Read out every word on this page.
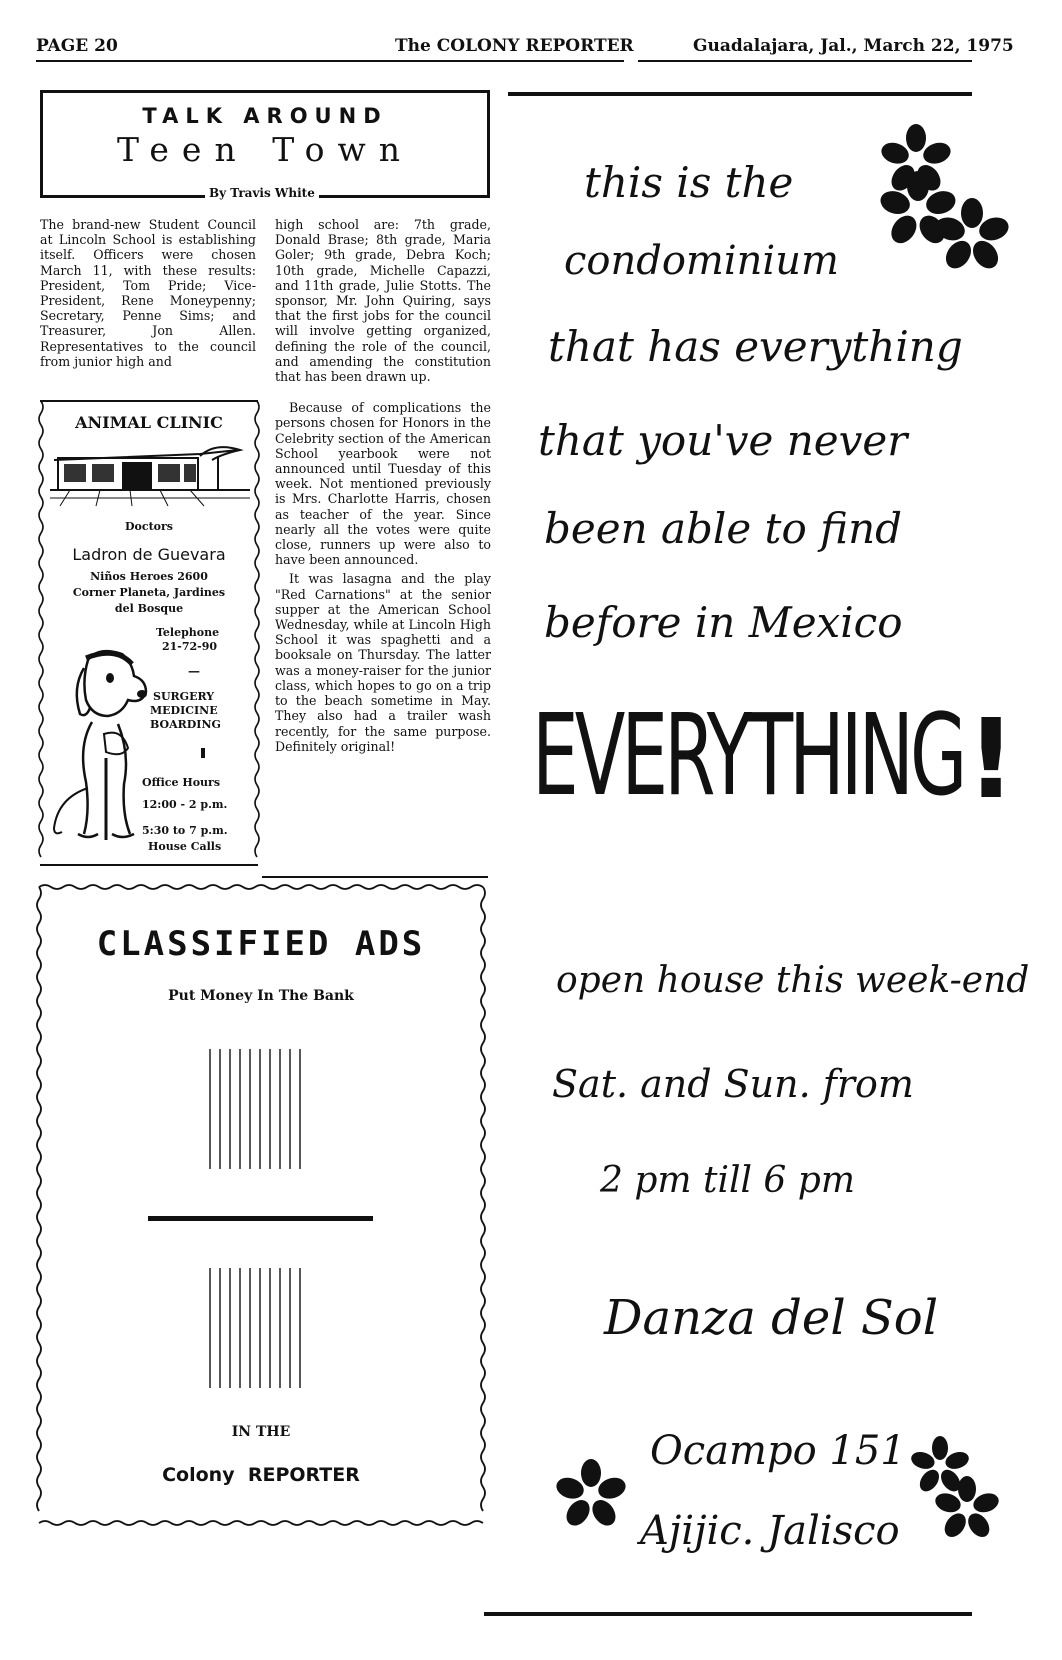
PAGE 20	The COLONY REPORTER	Guadalajara, Jal., March 22, 1975
TALK AROUND
Teen Town
By Travis White

The brand-new Student Council at Lincoln School is establishing itself. Officers were chosen March 11, with these results: President, Tom Pride; Vice-President, Rene Moneypenny; Secretary, Penne Sims; and Treasurer, Jon Allen. Representatives to the council from junior high and

high school are: 7th grade, Donald Brase; 8th grade, Maria Goler; 9th grade, Debra Koch; 10th grade, Michelle Capazzi, and 11th grade, Julie Stotts. The sponsor, Mr. John Quiring, says that the first jobs for the council will involve getting organized, defining the role of the council, and amending the constitution that has been drawn up.

Because of complications the persons chosen for Honors in the Celebrity section of the American School yearbook were not announced until Tuesday of this week. Not mentioned previously is Mrs. Charlotte Harris, chosen as teacher of the year. Since nearly all the votes were quite close, runners up were also to have been announced.

It was lasagna and the play "Red Carnations" at the senior supper at the American School Wednesday, while at Lincoln High School it was spaghetti and a booksale on Thursday. The latter was a money-raiser for the junior class, which hopes to go on a trip to the beach sometime in May. They also had a trailer wash recently, for the same purpose. Definitely original!

ANIMAL CLINIC
Doctors
Ladron de Guevara
Niños Heroes 2600
Corner Planeta, Jardines
del Bosque
Telephone
21-72-90
—
SURGERY
MEDICINE
BOARDING
Office Hours
12:00 - 2 p.m.
5:30 to 7 p.m.
House Calls
CLASSIFIED ADS
Put Money In The Bank
IN THE
Colony REPORTER
this is the
condominium
that has everything
that you've never
been able to find
before in Mexico
EVERYTHING !
open house this week-end
Sat. and Sun. from
2 pm till 6 pm
Danza del Sol
Ocampo 151
Ajijic. Jalisco
